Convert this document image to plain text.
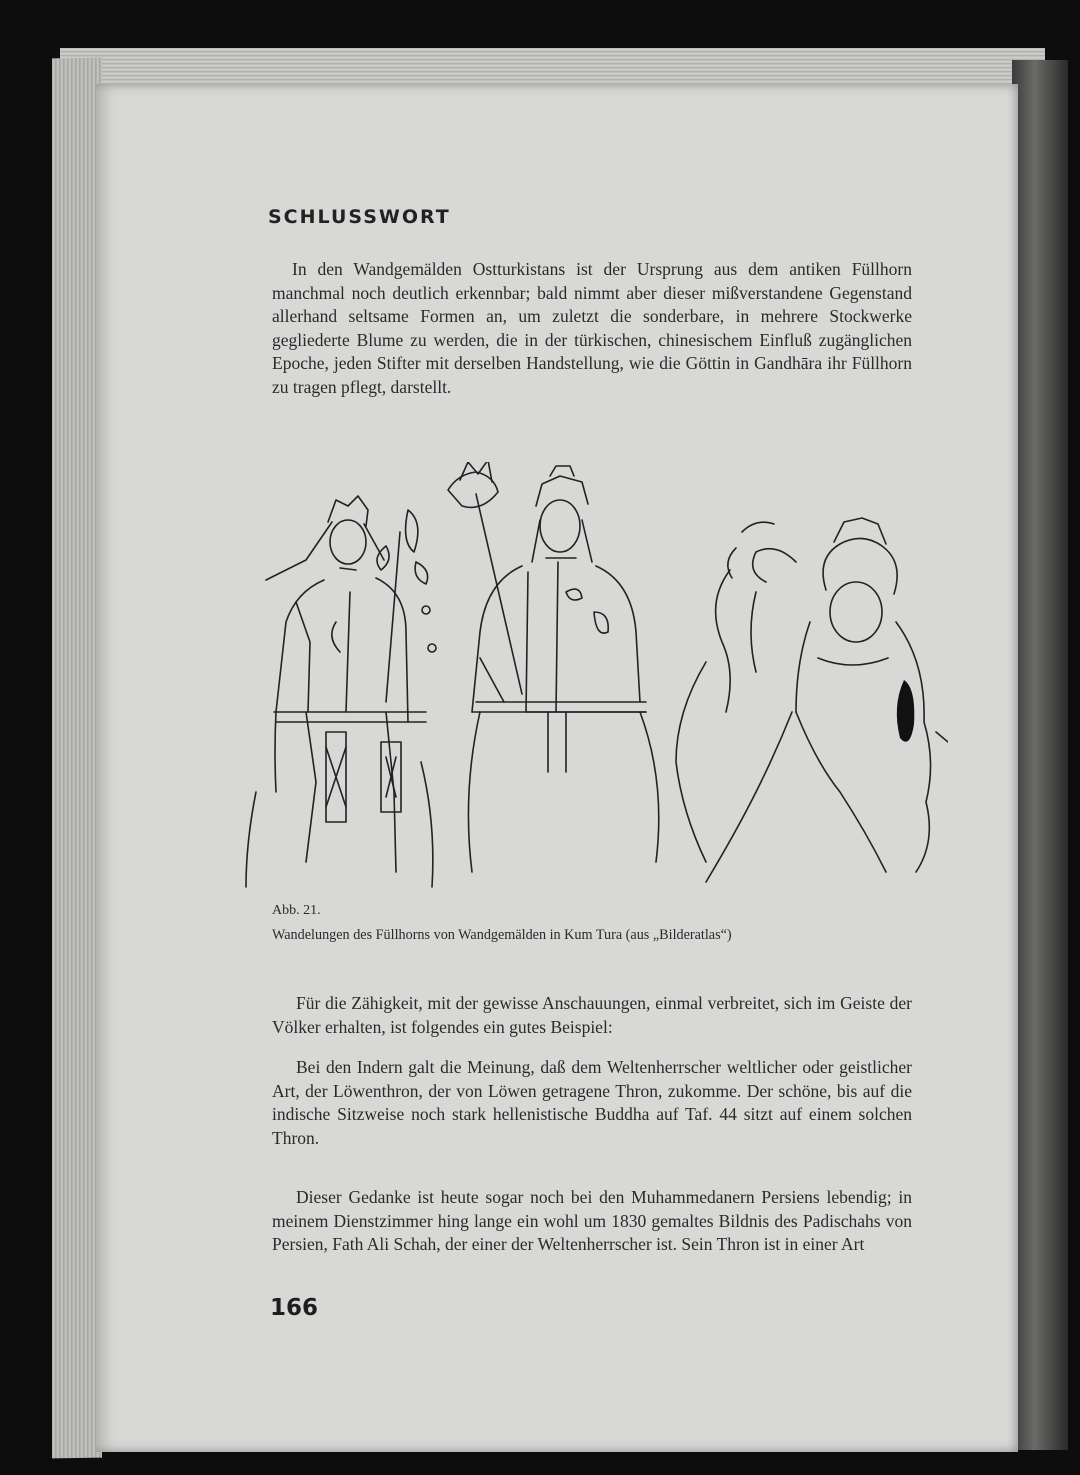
SCHLUSSWORT

In den Wandgemälden Ostturkistans ist der Ursprung aus dem antiken Füllhorn manchmal noch deutlich erkennbar; bald nimmt aber dieser mißverstandene Gegenstand allerhand seltsame Formen an, um zuletzt die sonderbare, in mehrere Stockwerke gegliederte Blume zu werden, die in der türkischen, chinesischem Einfluß zugänglichen Epoche, jeden Stifter mit derselben Handstellung, wie die Göttin in Gandhāra ihr Füllhorn zu tragen pflegt, darstellt.

Abb. 21.
Wandelungen des Füllhorns von Wandgemälden in Kum Tura (aus „Bilderatlas“)

Für die Zähigkeit, mit der gewisse Anschauungen, einmal verbreitet, sich im Geiste der Völker erhalten, ist folgendes ein gutes Beispiel:

Bei den Indern galt die Meinung, daß dem Weltenherrscher weltlicher oder geistlicher Art, der Löwenthron, der von Löwen getragene Thron, zukomme. Der schöne, bis auf die indische Sitzweise noch stark hellenistische Buddha auf Taf. 44 sitzt auf einem solchen Thron.

Dieser Gedanke ist heute sogar noch bei den Muhammedanern Persiens lebendig; in meinem Dienstzimmer hing lange ein wohl um 1830 gemaltes Bildnis des Padischahs von Persien, Fath Ali Schah, der einer der Weltenherrscher ist. Sein Thron ist in einer Art

166
